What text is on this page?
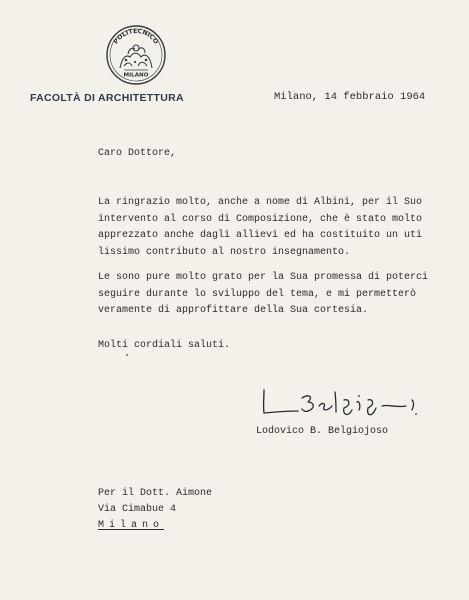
POLITECNICO
MILANO
FACOLTÀ DI ARCHITETTURA	Milano, 14 febbraio 1964
Caro Dottore,
La ringrazio molto, anche a nome di Albini, per il Suo
intervento al corso di Composizione, che è stato molto
apprezzato anche dagli allievi ed ha costituito un uti
lissimo contributo al nostro insegnamento.
Le sono pure molto grato per la Sua promessa di poterci
seguire durante lo sviluppo del tema, e mi permetterò
veramente di approfittare della Sua cortesia.
Molti cordiali saluti.
Lodovico B. Belgiojoso
Per il Dott. Aimone
Via Cimabue 4
Milano
